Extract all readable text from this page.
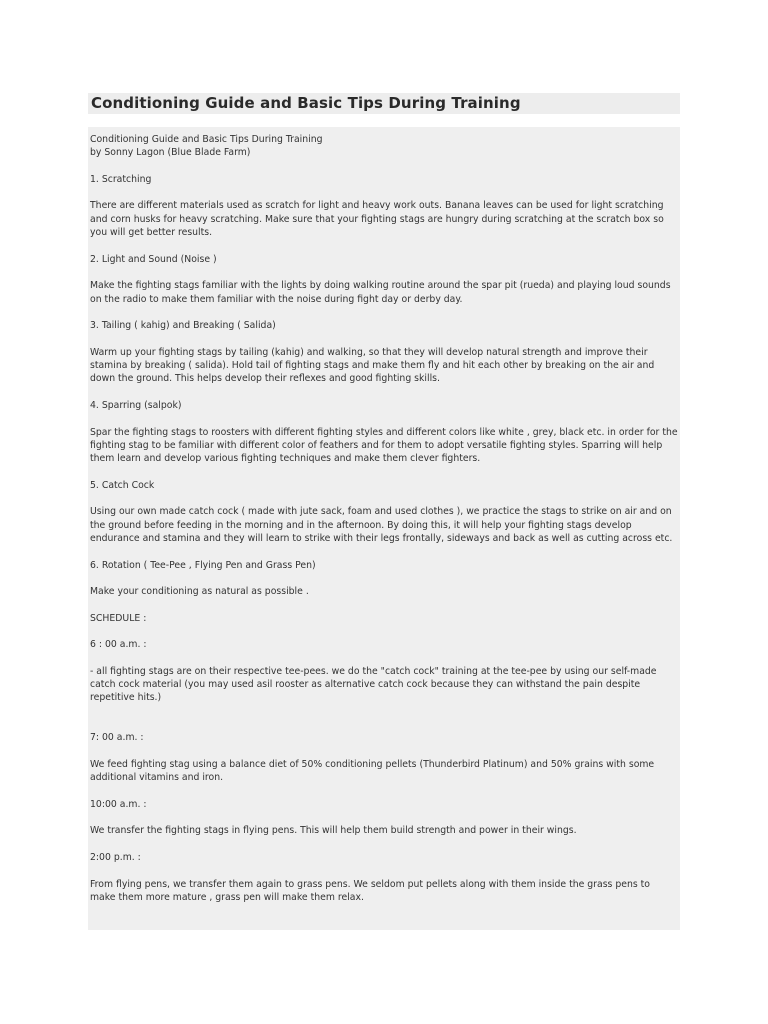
Conditioning Guide and Basic Tips During Training

Conditioning Guide and Basic Tips During Training
by Sonny Lagon (Blue Blade Farm)

1. Scratching

There are different materials used as scratch for light and heavy work outs. Banana leaves can be used for light scratching and corn husks for heavy scratching. Make sure that your fighting stags are hungry during scratching at the scratch box so you will get better results.

2. Light and Sound (Noise )

Make the fighting stags familiar with the lights by doing walking routine around the spar pit (rueda) and playing loud sounds on the radio to make them familiar with the noise during fight day or derby day.

3. Tailing ( kahig) and Breaking ( Salida)

Warm up your fighting stags by tailing (kahig) and walking, so that they will develop natural strength and improve their stamina by breaking ( salida). Hold tail of fighting stags and make them fly and hit each other by breaking on the air and down the ground. This helps develop their reflexes and good fighting skills.

4. Sparring (salpok)

Spar the fighting stags to roosters with different fighting styles and different colors like white , grey, black etc. in order for the fighting stag to be familiar with different color of feathers and for them to adopt versatile fighting styles. Sparring will help them learn and develop various fighting techniques and make them clever fighters.

5. Catch Cock

Using our own made catch cock ( made with jute sack, foam and used clothes ), we practice the stags to strike on air and on the ground before feeding in the morning and in the afternoon. By doing this, it will help your fighting stags develop endurance and stamina and they will learn to strike with their legs frontally, sideways and back as well as cutting across etc.

6. Rotation ( Tee-Pee , Flying Pen and Grass Pen)

Make your conditioning as natural as possible .

SCHEDULE :

6 : 00 a.m. :

- all fighting stags are on their respective tee-pees. we do the "catch cock" training at the tee-pee by using our self-made catch cock material (you may used asil rooster as alternative catch cock because they can withstand the pain despite repetitive hits.)

7: 00 a.m. :

We feed fighting stag using a balance diet of 50% conditioning pellets (Thunderbird Platinum) and 50% grains with some additional vitamins and iron.

10:00 a.m. :

We transfer the fighting stags in flying pens. This will help them build strength and power in their wings.

2:00 p.m. :

From flying pens, we transfer them again to grass pens. We seldom put pellets along with them inside the grass pens to make them more mature , grass pen will make them relax.
